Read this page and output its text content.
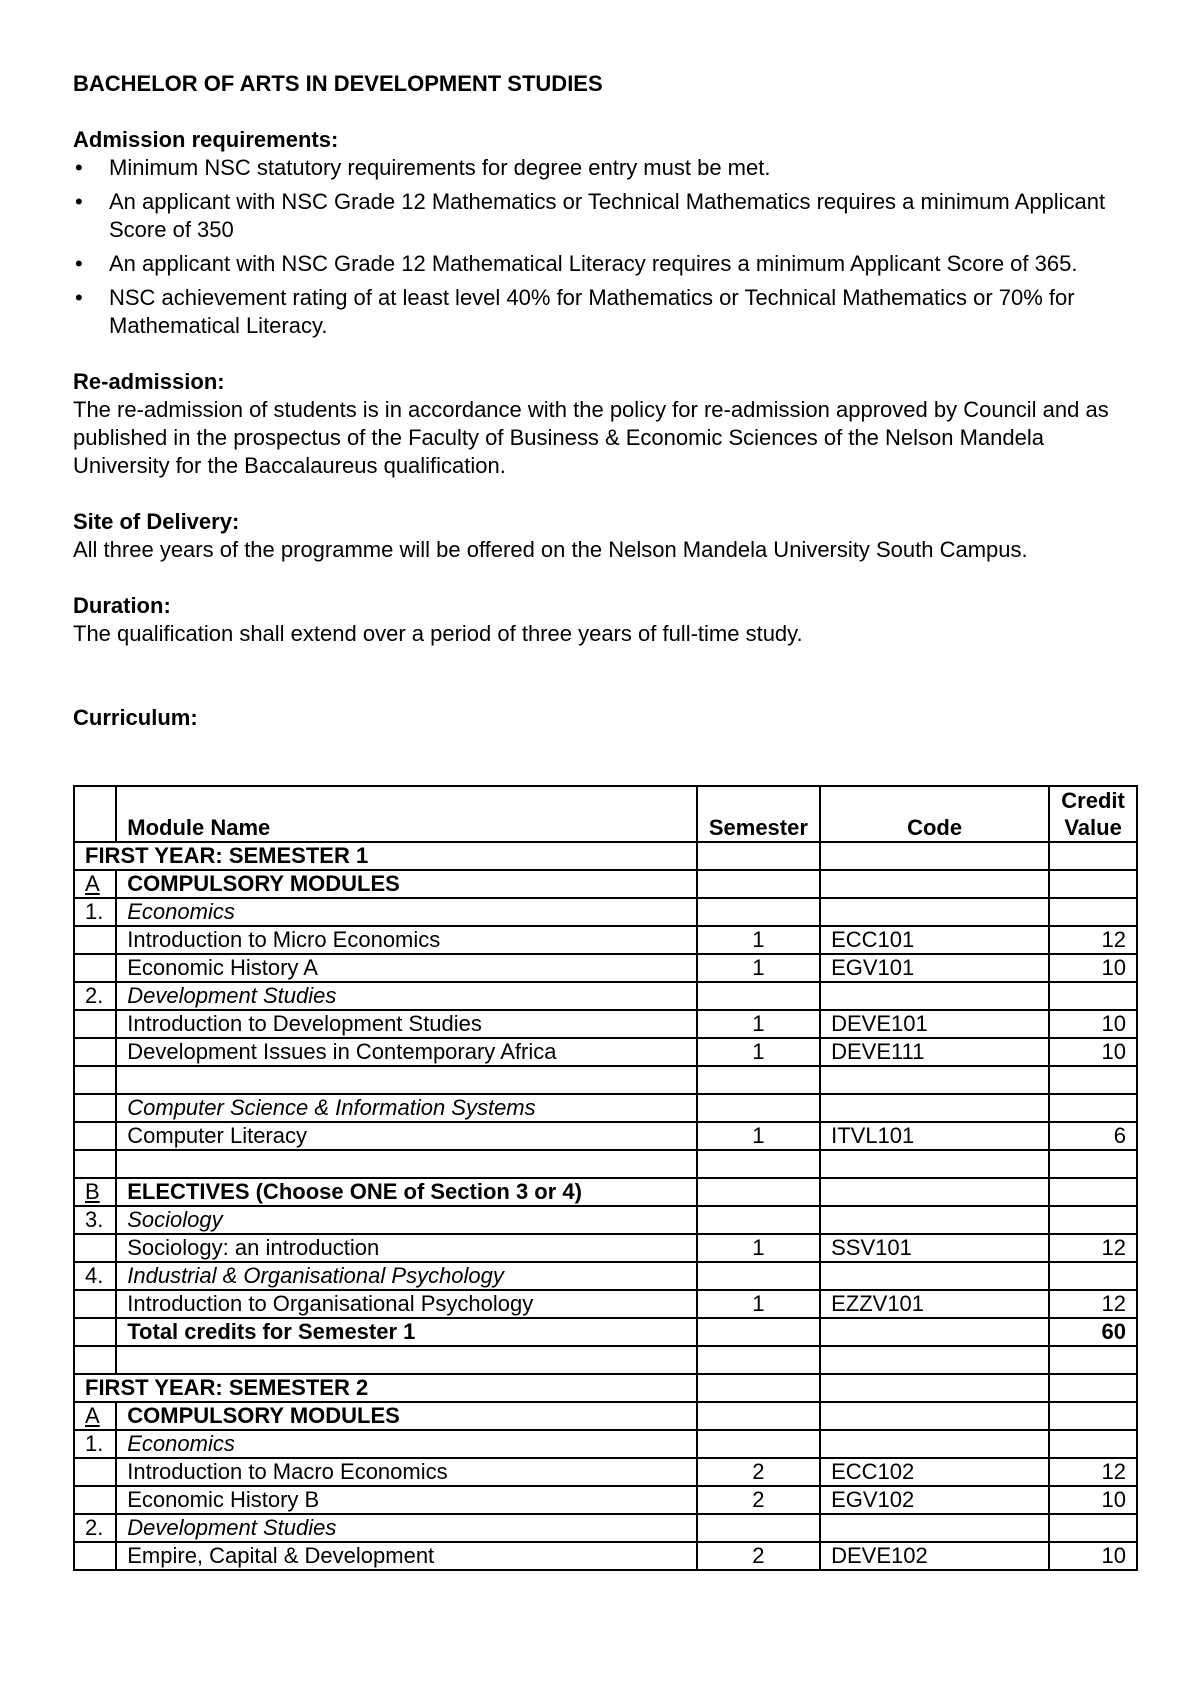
BACHELOR OF ARTS IN DEVELOPMENT STUDIES

Admission requirements:

• Minimum NSC statutory requirements for degree entry must be met.
• An applicant with NSC Grade 12 Mathematics or Technical Mathematics requires a minimum Applicant Score of 350
• An applicant with NSC Grade 12 Mathematical Literacy requires a minimum Applicant Score of 365.
• NSC achievement rating of at least level 40% for Mathematics or Technical Mathematics or 70% for Mathematical Literacy.

Re-admission:

The re-admission of students is in accordance with the policy for re-admission approved by Council and as published in the prospectus of the Faculty of Business & Economic Sciences of the Nelson Mandela University for the Baccalaureus qualification.

Site of Delivery:

All three years of the programme will be offered on the Nelson Mandela University South Campus.

Duration:

The qualification shall extend over a period of three years of full-time study.

Curriculum:

	Module Name	Semester	Code	Credit
Value
FIRST YEAR: SEMESTER 1				
A	COMPULSORY MODULES			
1.	Economics			
	Introduction to Micro Economics	1	ECC101	12
	Economic History A	1	EGV101	10
2.	Development Studies			
	Introduction to Development Studies	1	DEVE101	10
	Development Issues in Contemporary Africa	1	DEVE111	10

	Computer Science & Information Systems			
	Computer Literacy	1	ITVL101	6

B	ELECTIVES (Choose ONE of Section 3 or 4)			
3.	Sociology			
	Sociology: an introduction	1	SSV101	12
4.	Industrial & Organisational Psychology			
	Introduction to Organisational Psychology	1	EZZV101	12
	Total credits for Semester 1			60

FIRST YEAR: SEMESTER 2				
A	COMPULSORY MODULES			
1.	Economics			
	Introduction to Macro Economics	2	ECC102	12
	Economic History B	2	EGV102	10
2.	Development Studies			
	Empire, Capital & Development	2	DEVE102	10
